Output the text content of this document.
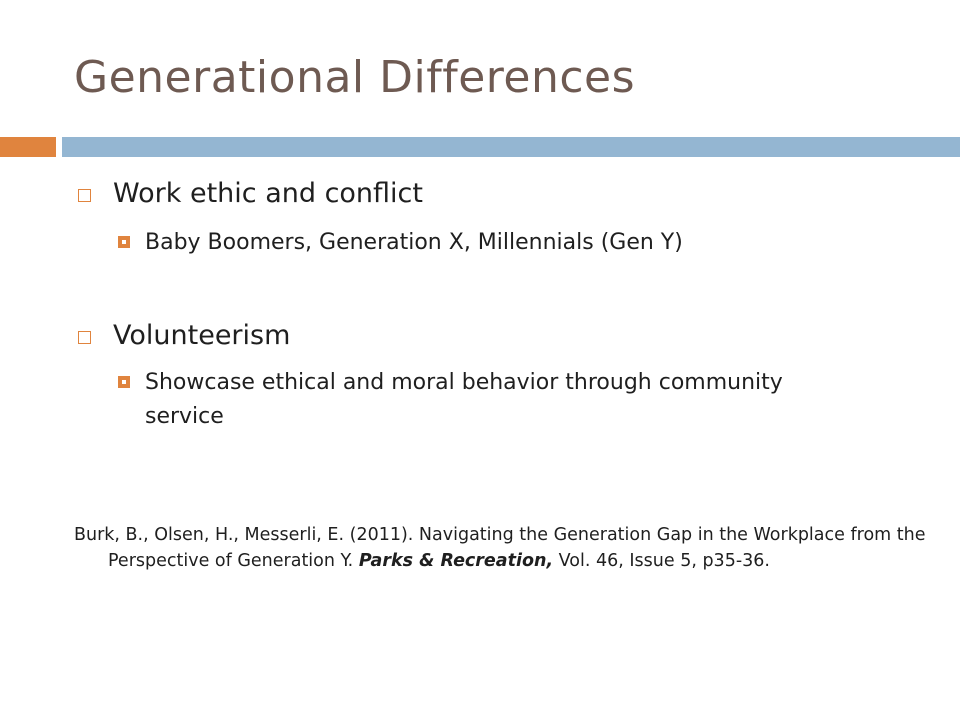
Generational Differences
Work ethic and conflict
Baby Boomers, Generation X, Millennials (Gen Y)
Volunteerism
Showcase ethical and moral behavior through community service
Burk, B., Olsen, H., Messerli, E. (2011). Navigating the Generation Gap in the Workplace from the Perspective of Generation Y. Parks & Recreation, Vol. 46, Issue 5, p35-36.
